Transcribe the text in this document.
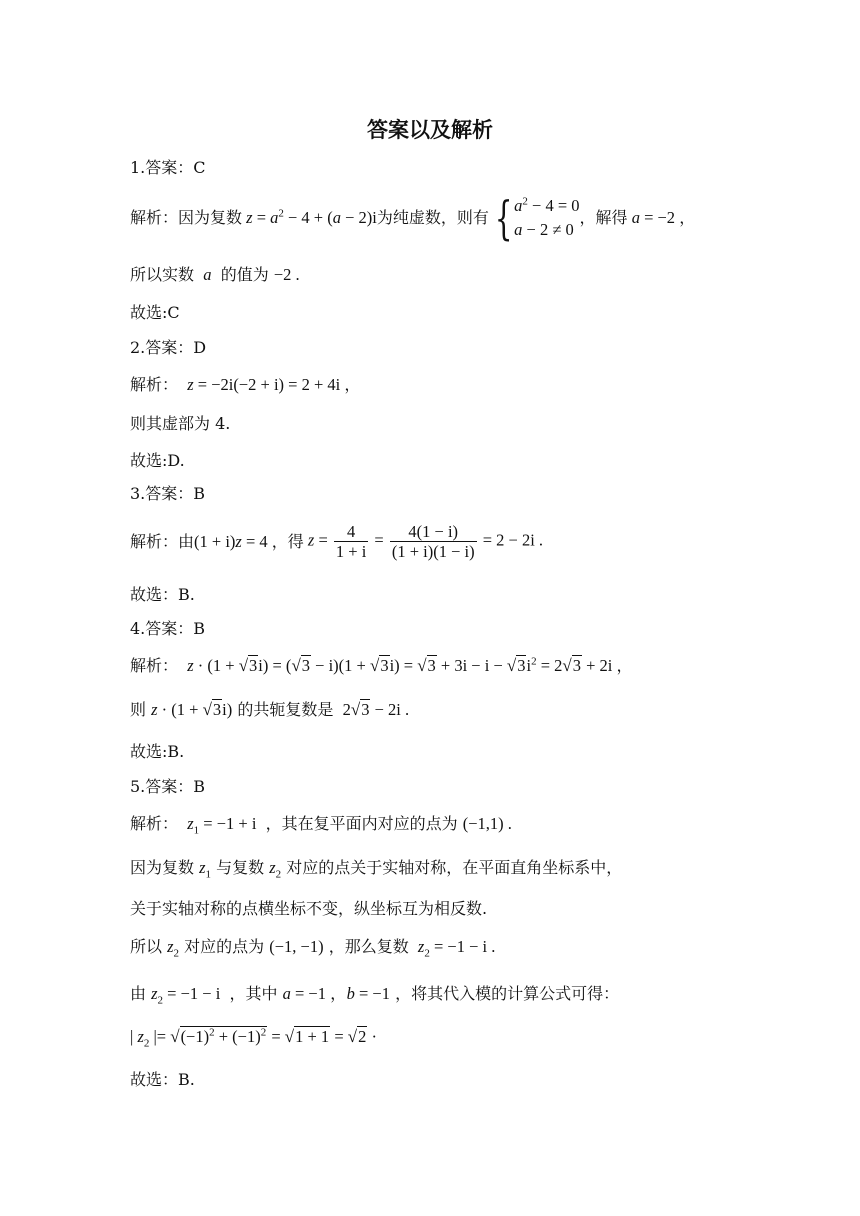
答案以及解析
1.答案：C
解析：因为复数 $z = a^2 - 4 + (a - 2)i$ 为纯虚数，则有 { $a^2 - 4 = 0$
a − 2 ≠ 0
，解得 a = −2 ，
所以实数 a 的值为 −2 .
故选:C
2.答案：D
解析： z = −2i(−2 + i) = 2 + 4i ，
则其虚部为 4.
故选:D.
3.答案：B
解析：由 (1 + i)z = 4 ，得 $z = \frac{4}{1 + i} = \frac{4(1 - i)}{(1 + i)(1 - i)} = 2 - 2i$ .
故选：B.
4.答案：B
解析： $z \cdot (1 + √3i) = (√3 - i)(1 + √3i) = √3 + 3i - i - √3i^2 = 2√3 + 2i$ ，
则 z · (1 + √3i) 的共轭复数是  2√3 − 2i .
故选:B.
5.答案：B
解析： $z_1 = -1 + i$  ，其在复平面内对应的点为 (−1,1) .
因为复数 $z_1$ 与复数 $z_2$ 对应的点关于实轴对称，在平面直角坐标系中，
关于实轴对称的点横坐标不变，纵坐标互为相反数.
所以 $z_2$ 对应的点为 (−1, −1) ，那么复数 $z_2 = -1 - i$ .
由 $z_2 = -1 - i$  ，其中 a = −1 ，b = −1 ，将其代入模的计算公式可得：
| $z_2$ |= $√(-1)^2 + (-1)^2 = √1 + 1 = √2$ ·
故选：B.
